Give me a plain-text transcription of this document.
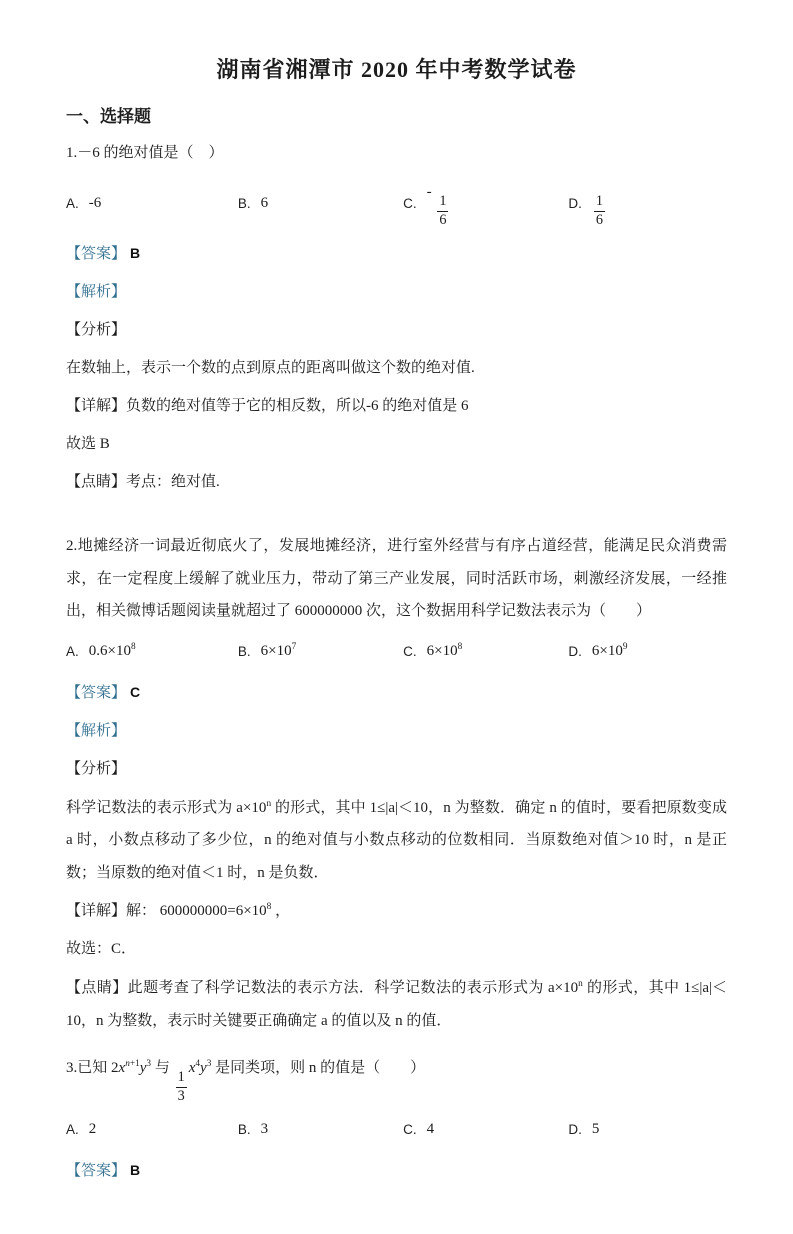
湖南省湘潭市 2020 年中考数学试卷
一、选择题

1.－6 的绝对值是（　）

A. -6	B. 6	C.
-
$\frac{1}{6}$	D. $\frac{1}{6}$

【答案】 B

【解析】

【分析】

在数轴上，表示一个数的点到原点的距离叫做这个数的绝对值.

【详解】负数的绝对值等于它的相反数，所以-6 的绝对值是 6

故选 B

【点睛】考点：绝对值.

2.地摊经济一词最近彻底火了，发展地摊经济，进行室外经营与有序占道经营，能满足民众消费需求，在一定程度上缓解了就业压力，带动了第三产业发展，同时活跃市场，刺激经济发展，一经推出，相关微博话题阅读量就超过了 600000000 次，这个数据用科学记数法表示为（　　）

A. $0.6\times 10^8$	B. $6\times 10^7$	C. $6\times 10^8$	D. $6\times 10^9$

【答案】 C

【解析】

【分析】

科学记数法的表示形式为 $a\times 10^n$ 的形式，其中 1≤|a|＜10，n 为整数．确定 n 的值时，要看把原数变成 a 时，小数点移动了多少位，n 的绝对值与小数点移动的位数相同．当原数绝对值＞10 时，n 是正数；当原数的绝对值＜1 时，n 是负数．

【详解】解： $600000000=6\times 10^8$ ，

故选：C．

【点睛】此题考查了科学记数法的表示方法．科学记数法的表示形式为 $a\times 10^n$ 的形式，其中 1≤|a|＜10，n 为整数，表示时关键要正确确定 a 的值以及 n 的值．

3.已知 $2x^{n+1}y^3$ 与
$\frac{1}{3}$
$x^4y^3$ 是同类项，则 n 的值是（　　）

A. 2	B. 3	C. 4	D. 5

【答案】 B
